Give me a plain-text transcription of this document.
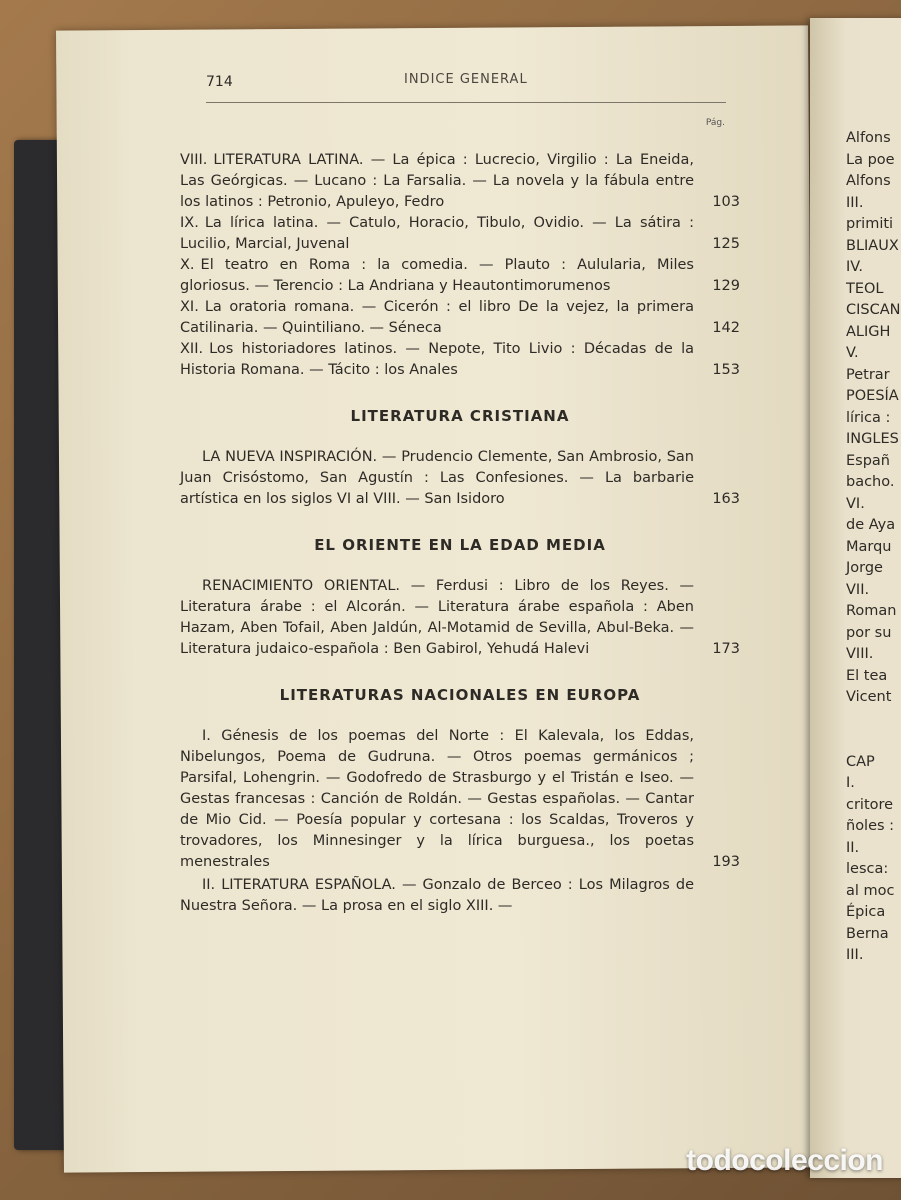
Alfons
La poe
Alfons
III.
primiti
BLIAUX
IV.
TEOL
CISCAN
ALIGH
V.
Petrar
POESÍA
lírica :
INGLES
Españ
bacho.
VI.
de Aya
Marqu
Jorge
VII.
Roman
por su
VIII.
El tea
Vicent

CAP
I.
critore
ñoles :
II.
lesca:
al moc
Épica
Berna
III.
714	INDICE GENERAL
Pág.
VIII. LITERATURA LATINA. — La épica : Lucrecio, Virgilio : La Eneida, Las Geórgicas. — Lucano : La Farsalia. — La novela y la fábula entre los latinos : Petronio, Apuleyo, Fedro	103
IX. La lírica latina. — Catulo, Horacio, Tibulo, Ovidio. — La sátira : Lucilio, Marcial, Juvenal	125
X. El teatro en Roma : la comedia. — Plauto : Aulularia, Miles gloriosus. — Terencio : La Andriana y Heautontimorumenos	129
XI. La oratoria romana. — Cicerón : el libro De la vejez, la primera Catilinaria. — Quintiliano. — Séneca	142
XII. Los historiadores latinos. — Nepote, Tito Livio : Décadas de la Historia Romana. — Tácito : los Anales	153
LITERATURA CRISTIANA
LA NUEVA INSPIRACIÓN. — Prudencio Clemente, San Ambrosio, San Juan Crisóstomo, San Agustín : Las Confesiones. — La barbarie artística en los siglos VI al VIII. — San Isidoro	163
EL ORIENTE EN LA EDAD MEDIA
RENACIMIENTO ORIENTAL. — Ferdusi : Libro de los Reyes. — Literatura árabe : el Alcorán. — Literatura árabe española : Aben Hazam, Aben Tofail, Aben Jaldún, Al-Motamid de Sevilla, Abul-Beka. — Literatura judaico-española : Ben Gabirol, Yehudá Halevi	173
LITERATURAS NACIONALES EN EUROPA
I. Génesis de los poemas del Norte : El Kalevala, los Eddas, Nibelungos, Poema de Gudruna. — Otros poemas germánicos ; Parsifal, Lohengrin. — Godofredo de Strasburgo y el Tristán e Iseo. — Gestas francesas : Canción de Roldán. — Gestas españolas. — Cantar de Mio Cid. — Poesía popular y cortesana : los Scaldas, Troveros y trovadores, los Minnesinger y la lírica burguesa., los poetas menestrales	193
II. LITERATURA ESPAÑOLA. — Gonzalo de Berceo : Los Milagros de Nuestra Señora. — La prosa en el siglo XIII. —
todocoleccion
